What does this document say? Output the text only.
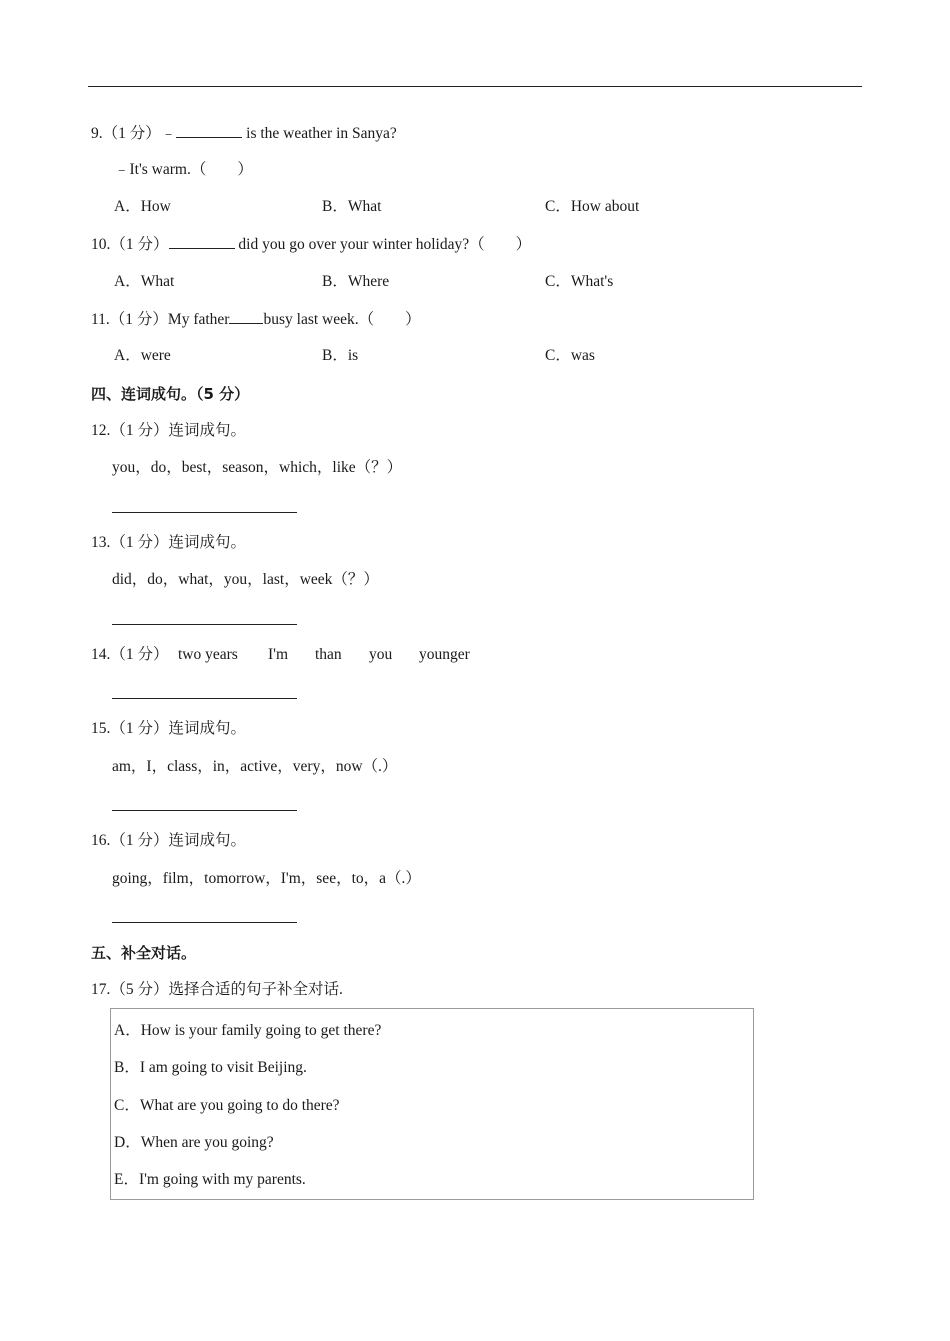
9.（1 分）﹣	is the weather in Sanya?
﹣It's warm.（　　）
A．How	B．What	C．How about
10.（1 分）	did you go over your winter holiday?（　　）
A．What	B．Where	C．What's
11.（1 分）My father busy last week.（　　）
A．were	B．is	C．was
四、连词成句。（5 分）
12.（1 分）连词成句。
you，do，best，season，which，like（？）
13.（1 分）连词成句。
did，do，what，you，last，week（？）
14.（1 分） two years I'm than you younger
15.（1 分）连词成句。
am，I，class，in，active，very，now（.）
16.（1 分）连词成句。
going，film，tomorrow，I'm，see，to，a（.）
五、补全对话。
17.（5 分）选择合适的句子补全对话.
A．How is your family going to get there?
B．I am going to visit Beijing.
C．What are you going to do there?
D．When are you going?
E．I'm going with my parents.
